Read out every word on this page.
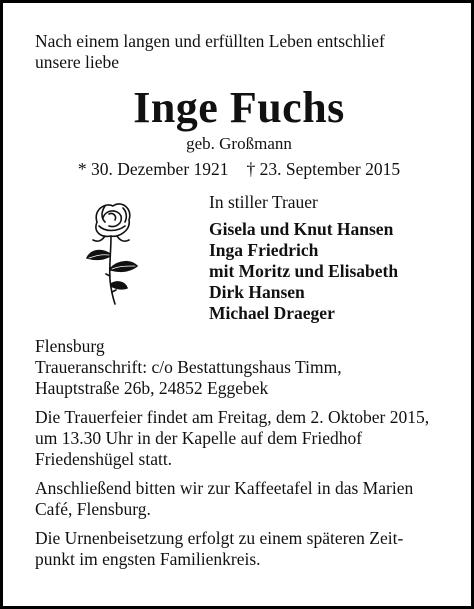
Nach einem langen und erfüllten Leben entschlief
unsere liebe

Inge Fuchs

geb. Großmann

* 30. Dezember 1921 † 23. September 2015
In stiller Trauer
Gisela und Knut Hansen
Inga Friedrich
mit Moritz und Elisabeth
Dirk Hansen
Michael Draeger

Flensburg
Traueranschrift: c/o Bestattungshaus Timm,
Hauptstraße 26b, 24852 Eggebek

Die Trauerfeier findet am Freitag, dem 2. Oktober 2015,
um 13.30 Uhr in der Kapelle auf dem Friedhof
Friedenshügel statt.

Anschließend bitten wir zur Kaffeetafel in das Marien
Café, Flensburg.

Die Urnenbeisetzung erfolgt zu einem späteren Zeit-
punkt im engsten Familienkreis.
